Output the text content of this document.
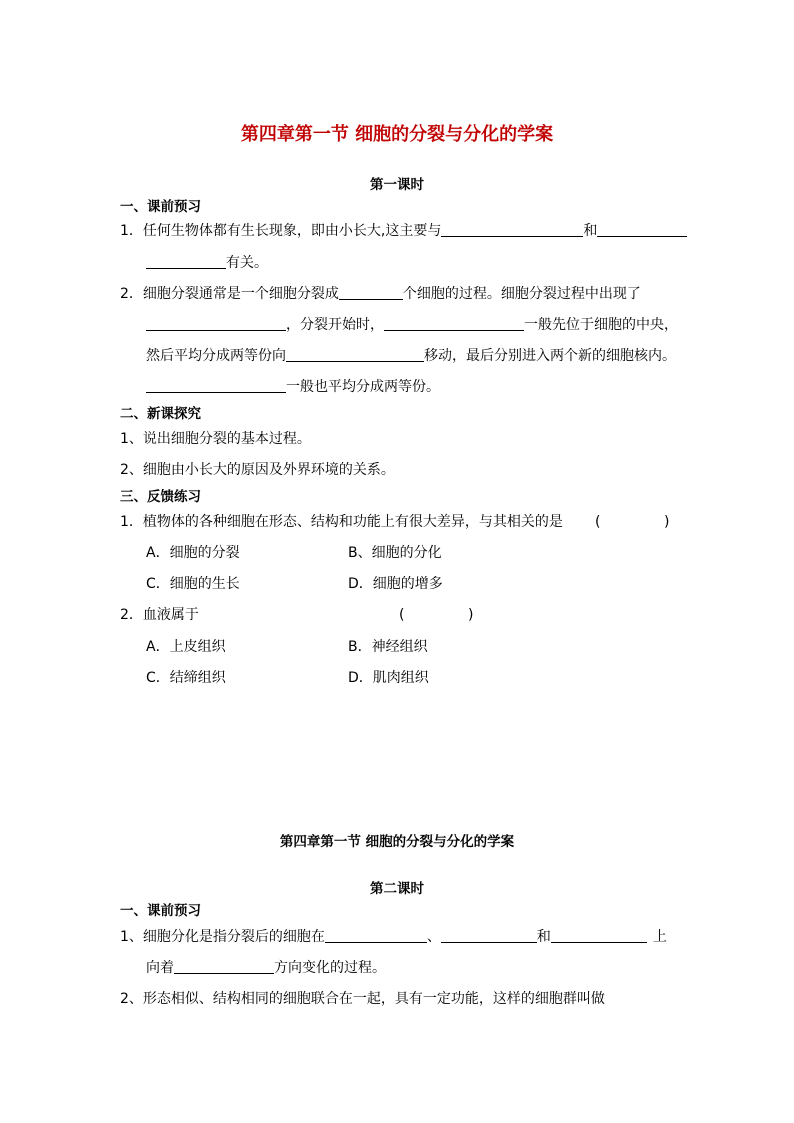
第四章第一节 细胞的分裂与分化的学案
第一课时
一、课前预习
1．任何生物体都有生长现象，即由小长大,这主要与	和
有关。
2．细胞分裂通常是一个细胞分裂成	个细胞的过程。细胞分裂过程中出现了
，分裂开始时，	一般先位于细胞的中央，
然后平均分成两等份向	移动，最后分别进入两个新的细胞核内。
一般也平均分成两等份。
二、新课探究
1、说出细胞分裂的基本过程。
2、细胞由小长大的原因及外界环境的关系。
三、反馈练习
1．植物体的各种细胞在形态、结构和功能上有很大差异，与其相关的是 (	)
A．细胞的分裂	B、细胞的分化
C．细胞的生长	D．细胞的增多
2．血液属于	(	)
A．上皮组织	B．神经组织
C．结缔组织	D．肌肉组织
第四章第一节 细胞的分裂与分化的学案
第二课时
一、课前预习
1、细胞分化是指分裂后的细胞在	、	和	上
向着	方向变化的过程。
2、形态相似、结构相同的细胞联合在一起，具有一定功能，这样的细胞群叫做
